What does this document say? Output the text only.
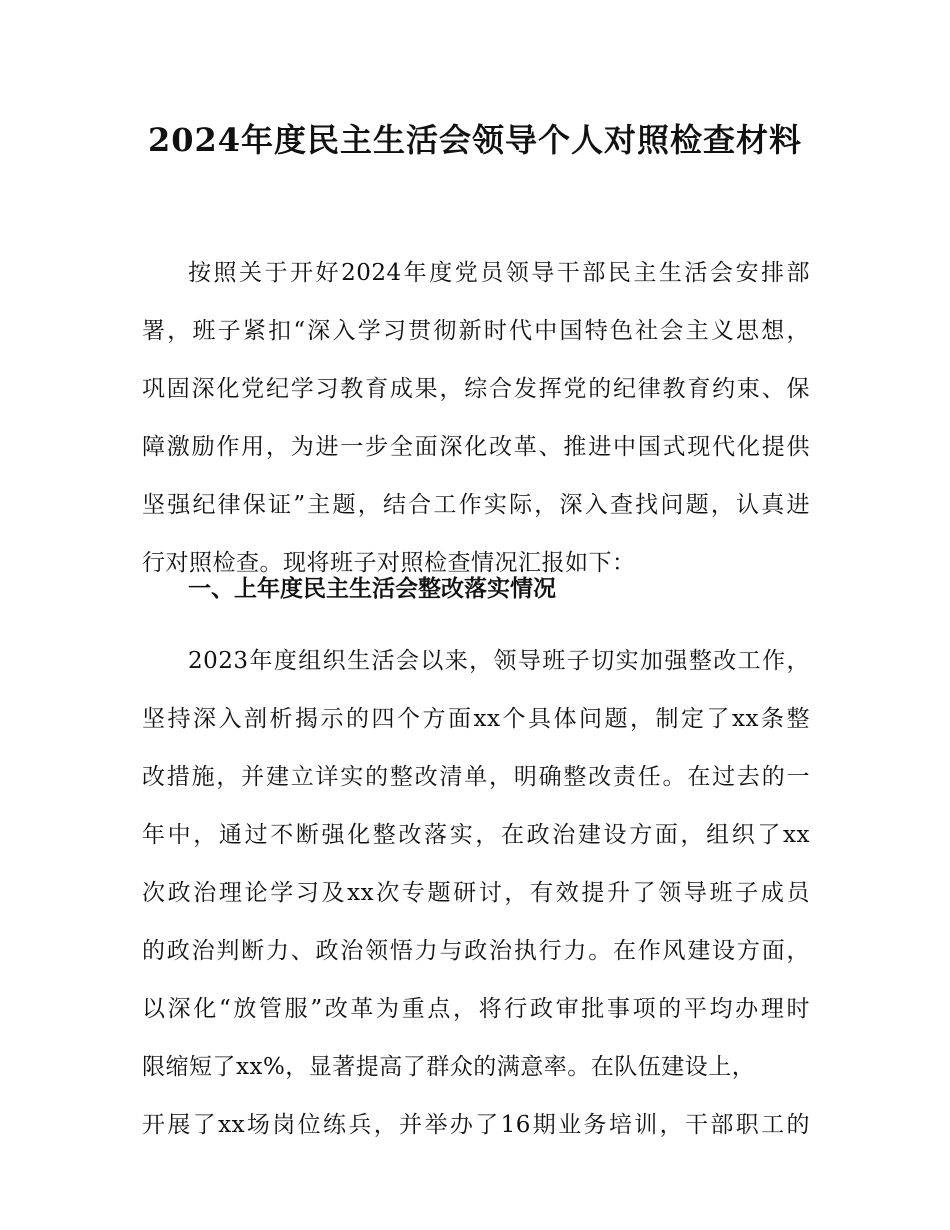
2024年度民主生活会领导个人对照检查材料
按照关于开好2024年度党员领导干部民主生活会安排部
署，班子紧扣“深入学习贯彻新时代中国特色社会主义思想，
巩固深化党纪学习教育成果，综合发挥党的纪律教育约束、保
障激励作用，为进一步全面深化改革、推进中国式现代化提供
坚强纪律保证”主题，结合工作实际，深入查找问题，认真进
行对照检查。现将班子对照检查情况汇报如下：
一、上年度民主生活会整改落实情况
2023年度组织生活会以来，领导班子切实加强整改工作，
坚持深入剖析揭示的四个方面xx个具体问题，制定了xx条整
改措施，并建立详实的整改清单，明确整改责任。在过去的一
年中，通过不断强化整改落实，在政治建设方面，组织了xx
次政治理论学习及xx次专题研讨，有效提升了领导班子成员
的政治判断力、政治领悟力与政治执行力。在作风建设方面，
以深化“放管服”改革为重点，将行政审批事项的平均办理时
限缩短了xx%，显著提高了群众的满意率。在队伍建设上，
开展了xx场岗位练兵，并举办了16期业务培训，干部职工的
